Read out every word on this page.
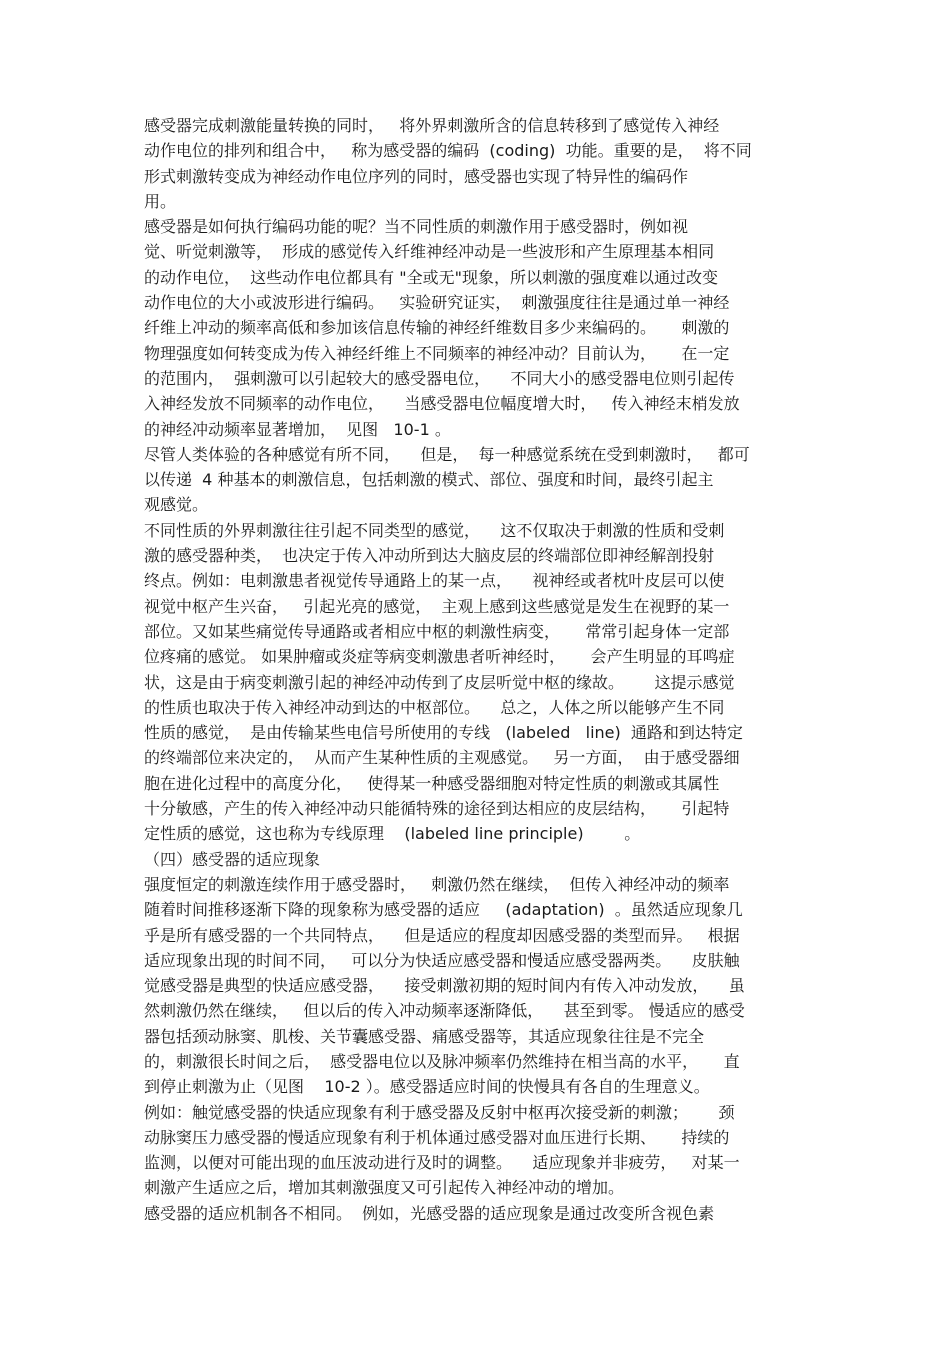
感受器完成刺激能量转换的同时，   将外界刺激所含的信息转移到了感觉传入神经
动作电位的排列和组合中，   称为感受器的编码  (coding)  功能。重要的是，  将不同
形式刺激转变成为神经动作电位序列的同时，感受器也实现了特异性的编码作
用。
感受器是如何执行编码功能的呢？当不同性质的刺激作用于感受器时，例如视
觉、听觉刺激等，  形成的感觉传入纤维神经冲动是一些波形和产生原理基本相同
的动作电位，  这些动作电位都具有 "全或无"现象，所以刺激的强度难以通过改变
动作电位的大小或波形进行编码。   实验研究证实，  刺激强度往往是通过单一神经
纤维上冲动的频率高低和参加该信息传输的神经纤维数目多少来编码的。     刺激的
物理强度如何转变成为传入神经纤维上不同频率的神经冲动？目前认为，     在一定
的范围内，  强刺激可以引起较大的感受器电位，    不同大小的感受器电位则引起传
入神经发放不同频率的动作电位，    当感受器电位幅度增大时，   传入神经末梢发放
的神经冲动频率显著增加，  见图   10-1 。
尽管人类体验的各种感觉有所不同，    但是，  每一种感觉系统在受到刺激时，   都可
以传递  4 种基本的刺激信息，包括刺激的模式、部位、强度和时间，最终引起主
观感觉。
不同性质的外界刺激往往引起不同类型的感觉，    这不仅取决于刺激的性质和受刺
激的感受器种类，  也决定于传入冲动所到达大脑皮层的终端部位即神经解剖投射
终点。例如：电刺激患者视觉传导通路上的某一点，    视神经或者枕叶皮层可以使
视觉中枢产生兴奋，   引起光亮的感觉，  主观上感到这些感觉是发生在视野的某一
部位。又如某些痛觉传导通路或者相应中枢的刺激性病变，     常常引起身体一定部
位疼痛的感觉。 如果肿瘤或炎症等病变刺激患者听神经时，     会产生明显的耳鸣症
状，这是由于病变刺激引起的神经冲动传到了皮层听觉中枢的缘故。      这提示感觉
的性质也取决于传入神经冲动到达的中枢部位。    总之，人体之所以能够产生不同
性质的感觉，  是由传输某些电信号所使用的专线   (labeled   line)  通路和到达特定
的终端部位来决定的，  从而产生某种性质的主观感觉。   另一方面，  由于感受器细
胞在进化过程中的高度分化，   使得某一种感受器细胞对特定性质的刺激或其属性
十分敏感，产生的传入神经冲动只能循特殊的途径到达相应的皮层结构，     引起特
定性质的感觉，这也称为专线原理    (labeled line principle)        。
（四）感受器的适应现象
强度恒定的刺激连续作用于感受器时，   刺激仍然在继续，  但传入神经冲动的频率
随着时间推移逐渐下降的现象称为感受器的适应     (adaptation)  。虽然适应现象几
乎是所有感受器的一个共同特点，    但是适应的程度却因感受器的类型而异。   根据
适应现象出现的时间不同，   可以分为快适应感受器和慢适应感受器两类。    皮肤触
觉感受器是典型的快适应感受器，    接受刺激初期的短时间内有传入冲动发放，    虽
然刺激仍然在继续，   但以后的传入冲动频率逐渐降低，    甚至到零。 慢适应的感受
器包括颈动脉窦、肌梭、关节囊感受器、痛感受器等，其适应现象往往是不完全
的，刺激很长时间之后，  感受器电位以及脉冲频率仍然维持在相当高的水平，     直
到停止刺激为止（见图    10-2 ）。感受器适应时间的快慢具有各自的生理意义。
例如：触觉感受器的快适应现象有利于感受器及反射中枢再次接受新的刺激；      颈
动脉窦压力感受器的慢适应现象有利于机体通过感受器对血压进行长期、     持续的
监测，以便对可能出现的血压波动进行及时的调整。    适应现象并非疲劳，   对某一
刺激产生适应之后，增加其刺激强度又可引起传入神经冲动的增加。
感受器的适应机制各不相同。  例如，光感受器的适应现象是通过改变所含视色素
